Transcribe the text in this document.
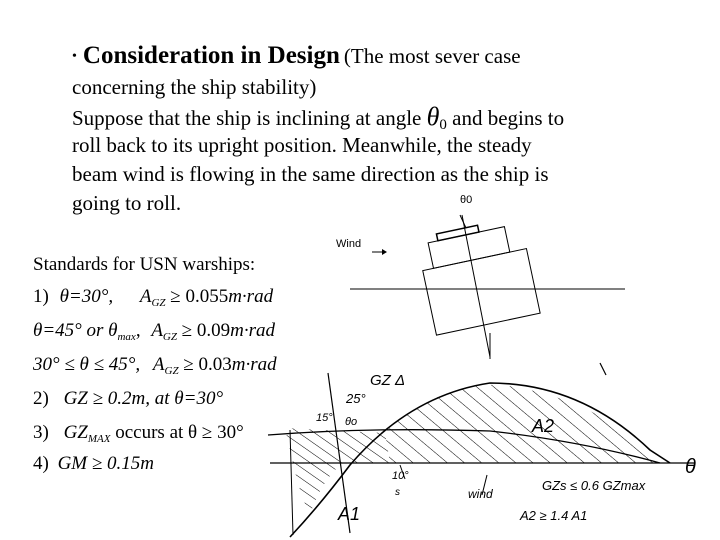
• Consideration in Design (The most sever case
concerning the ship stability)
Suppose that the ship is inclining at angle θ0 and begins to
roll back to its upright position. Meanwhile, the steady
beam wind is flowing in the same direction as the ship is
going to roll.
Standards for USN warships:
1) θ=30°, $A_{GZ} \ge 0.055m\cdot rad$
θ=45° or $\theta_{max}$, $A_{GZ} \ge 0.09m\cdot rad$
30° ≤ θ ≤ 45°, $A_{GZ} \ge 0.03m\cdot rad$
2) GZ ≥ 0.2m, at θ=30°
3) $GZ_{MAX}$ occurs at θ ≥ 30°
4) GM ≥ 0.15m
θ0
Wind
GZ Δ
25°
15° θo
10°
s
A1
A2
wind
θ
GZs ≤ 0.6 GZmax
A2 ≥ 1.4 A1
